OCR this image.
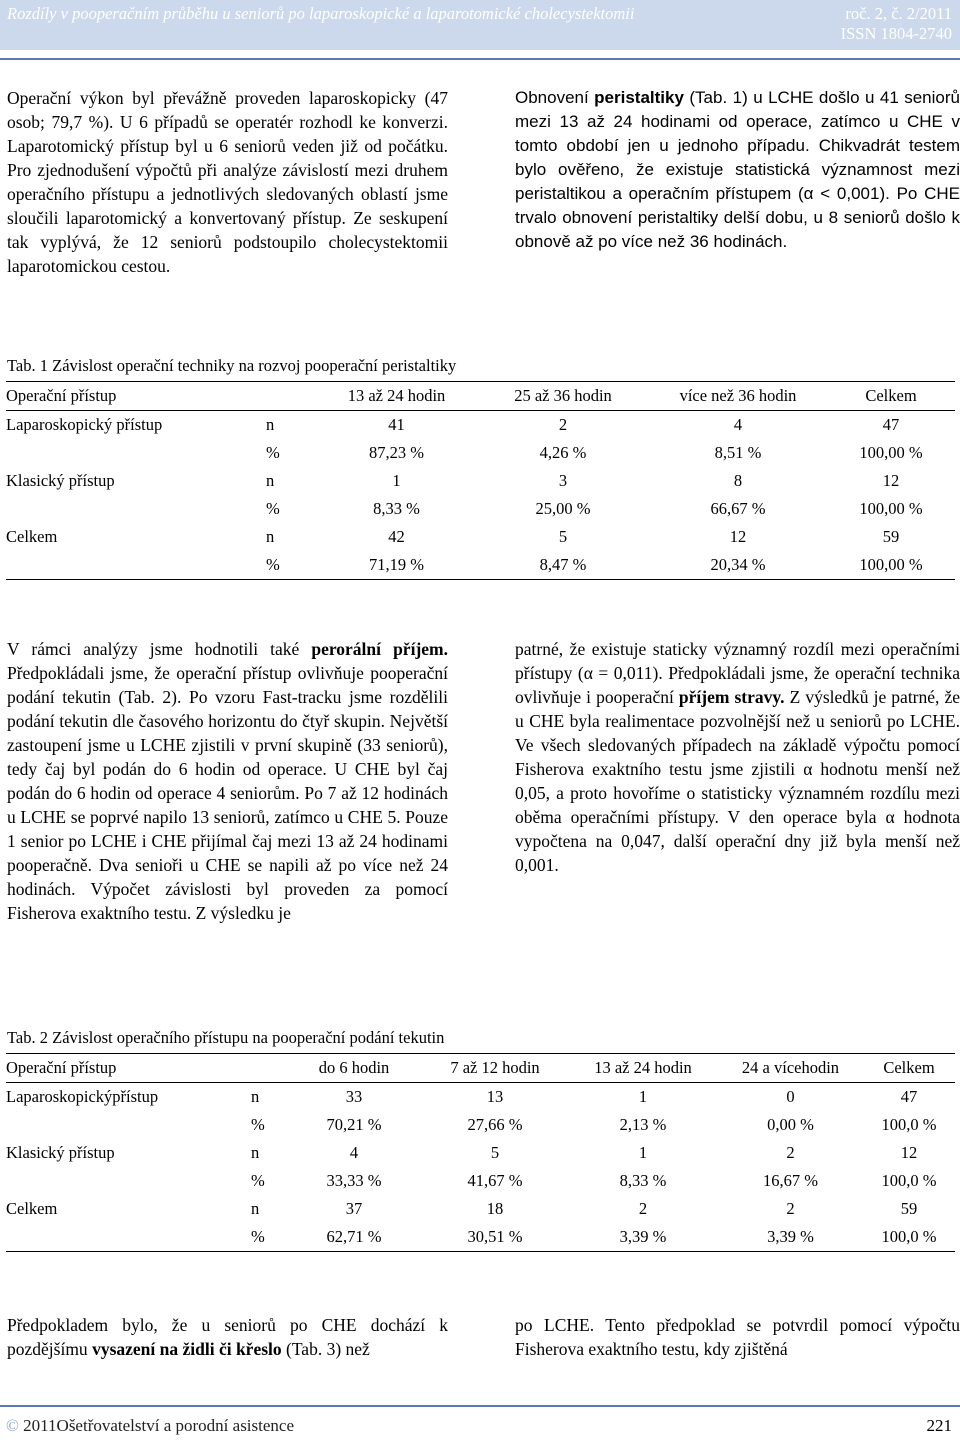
Rozdíly v pooperačním průběhu u seniorů po laparoskopické a laparotomické cholecystektomii	roč. 2, č. 2/2011
ISSN 1804-2740

Operační výkon byl převážně proveden laparoskopicky (47 osob; 79,7 %). U 6 případů se operatér rozhodl ke konverzi. Laparotomický přístup byl u 6 seniorů veden již od počátku. Pro zjednodušení výpočtů při analýze závislostí mezi druhem operačního přístupu a jednotlivých sledovaných oblastí jsme sloučili laparotomický a konvertovaný přístup. Ze seskupení tak vyplývá, že 12 seniorů podstoupilo cholecystektomii laparotomickou cestou.

Obnovení peristaltiky (Tab. 1) u LCHE došlo u 41 seniorů mezi 13 až 24 hodinami od operace, zatímco u CHE v tomto období jen u jednoho případu. Chikvadrát testem bylo ověřeno, že existuje statistická významnost mezi peristaltikou a operačním přístupem (α < 0,001). Po CHE trvalo obnovení peristaltiky delší dobu, u 8 seniorů došlo k obnově až po více než 36 hodinách.

Tab. 1 Závislost operační techniky na rozvoj pooperační peristaltiky
Operační přístup		13 až 24 hodin	25 až 36 hodin	více než 36 hodin	Celkem
Laparoskopický přístup	n	41	2	4	47
	%	87,23 %	4,26 %	8,51 %	100,00 %
Klasický přístup	n	1	3	8	12
	%	8,33 %	25,00 %	66,67 %	100,00 %
Celkem	n	42	5	12	59
	%	71,19 %	8,47 %	20,34 %	100,00 %

V rámci analýzy jsme hodnotili také perorální příjem. Předpokládali jsme, že operační přístup ovlivňuje pooperační podání tekutin (Tab. 2). Po vzoru Fast-tracku jsme rozdělili podání tekutin dle časového horizontu do čtyř skupin. Největší zastoupení jsme u LCHE zjistili v první skupině (33 seniorů), tedy čaj byl podán do 6 hodin od operace. U CHE byl čaj podán do 6 hodin od operace 4 seniorům. Po 7 až 12 hodinách u LCHE se poprvé napilo 13 seniorů, zatímco u CHE 5. Pouze 1 senior po LCHE i CHE přijímal čaj mezi 13 až 24 hodinami pooperačně. Dva senioři u CHE se napili až po více než 24 hodinách. Výpočet závislosti byl proveden za pomocí Fisherova exaktního testu. Z výsledku je

patrné, že existuje staticky významný rozdíl mezi operačními přístupy (α = 0,011). Předpokládali jsme, že operační technika ovlivňuje i pooperační příjem stravy. Z výsledků je patrné, že u CHE byla realimentace pozvolnější než u seniorů po LCHE. Ve všech sledovaných případech na základě výpočtu pomocí Fisherova exaktního testu jsme zjistili α hodnotu menší než 0,05, a proto hovoříme o statisticky významném rozdílu mezi oběma operačními přístupy. V den operace byla α hodnota vypočtena na 0,047, další operační dny již byla menší než 0,001.

Tab. 2 Závislost operačního přístupu na pooperační podání tekutin
Operační přístup		do 6 hodin	7 až 12 hodin	13 až 24 hodin	24 a vícehodin	Celkem
Laparoskopickýpřístup	n	33	13	1	0	47
	%	70,21 %	27,66 %	2,13 %	0,00 %	100,0 %
Klasický přístup	n	4	5	1	2	12
	%	33,33 %	41,67 %	8,33 %	16,67 %	100,0 %
Celkem	n	37	18	2	2	59
	%	62,71 %	30,51 %	3,39 %	3,39 %	100,0 %

Předpokladem bylo, že u seniorů po CHE dochází k pozdějšímu vysazení na židli či křeslo (Tab. 3) než

po LCHE. Tento předpoklad se potvrdil pomocí výpočtu Fisherova exaktního testu, kdy zjištěná

© 2011Ošetřovatelství a porodní asistence	221
